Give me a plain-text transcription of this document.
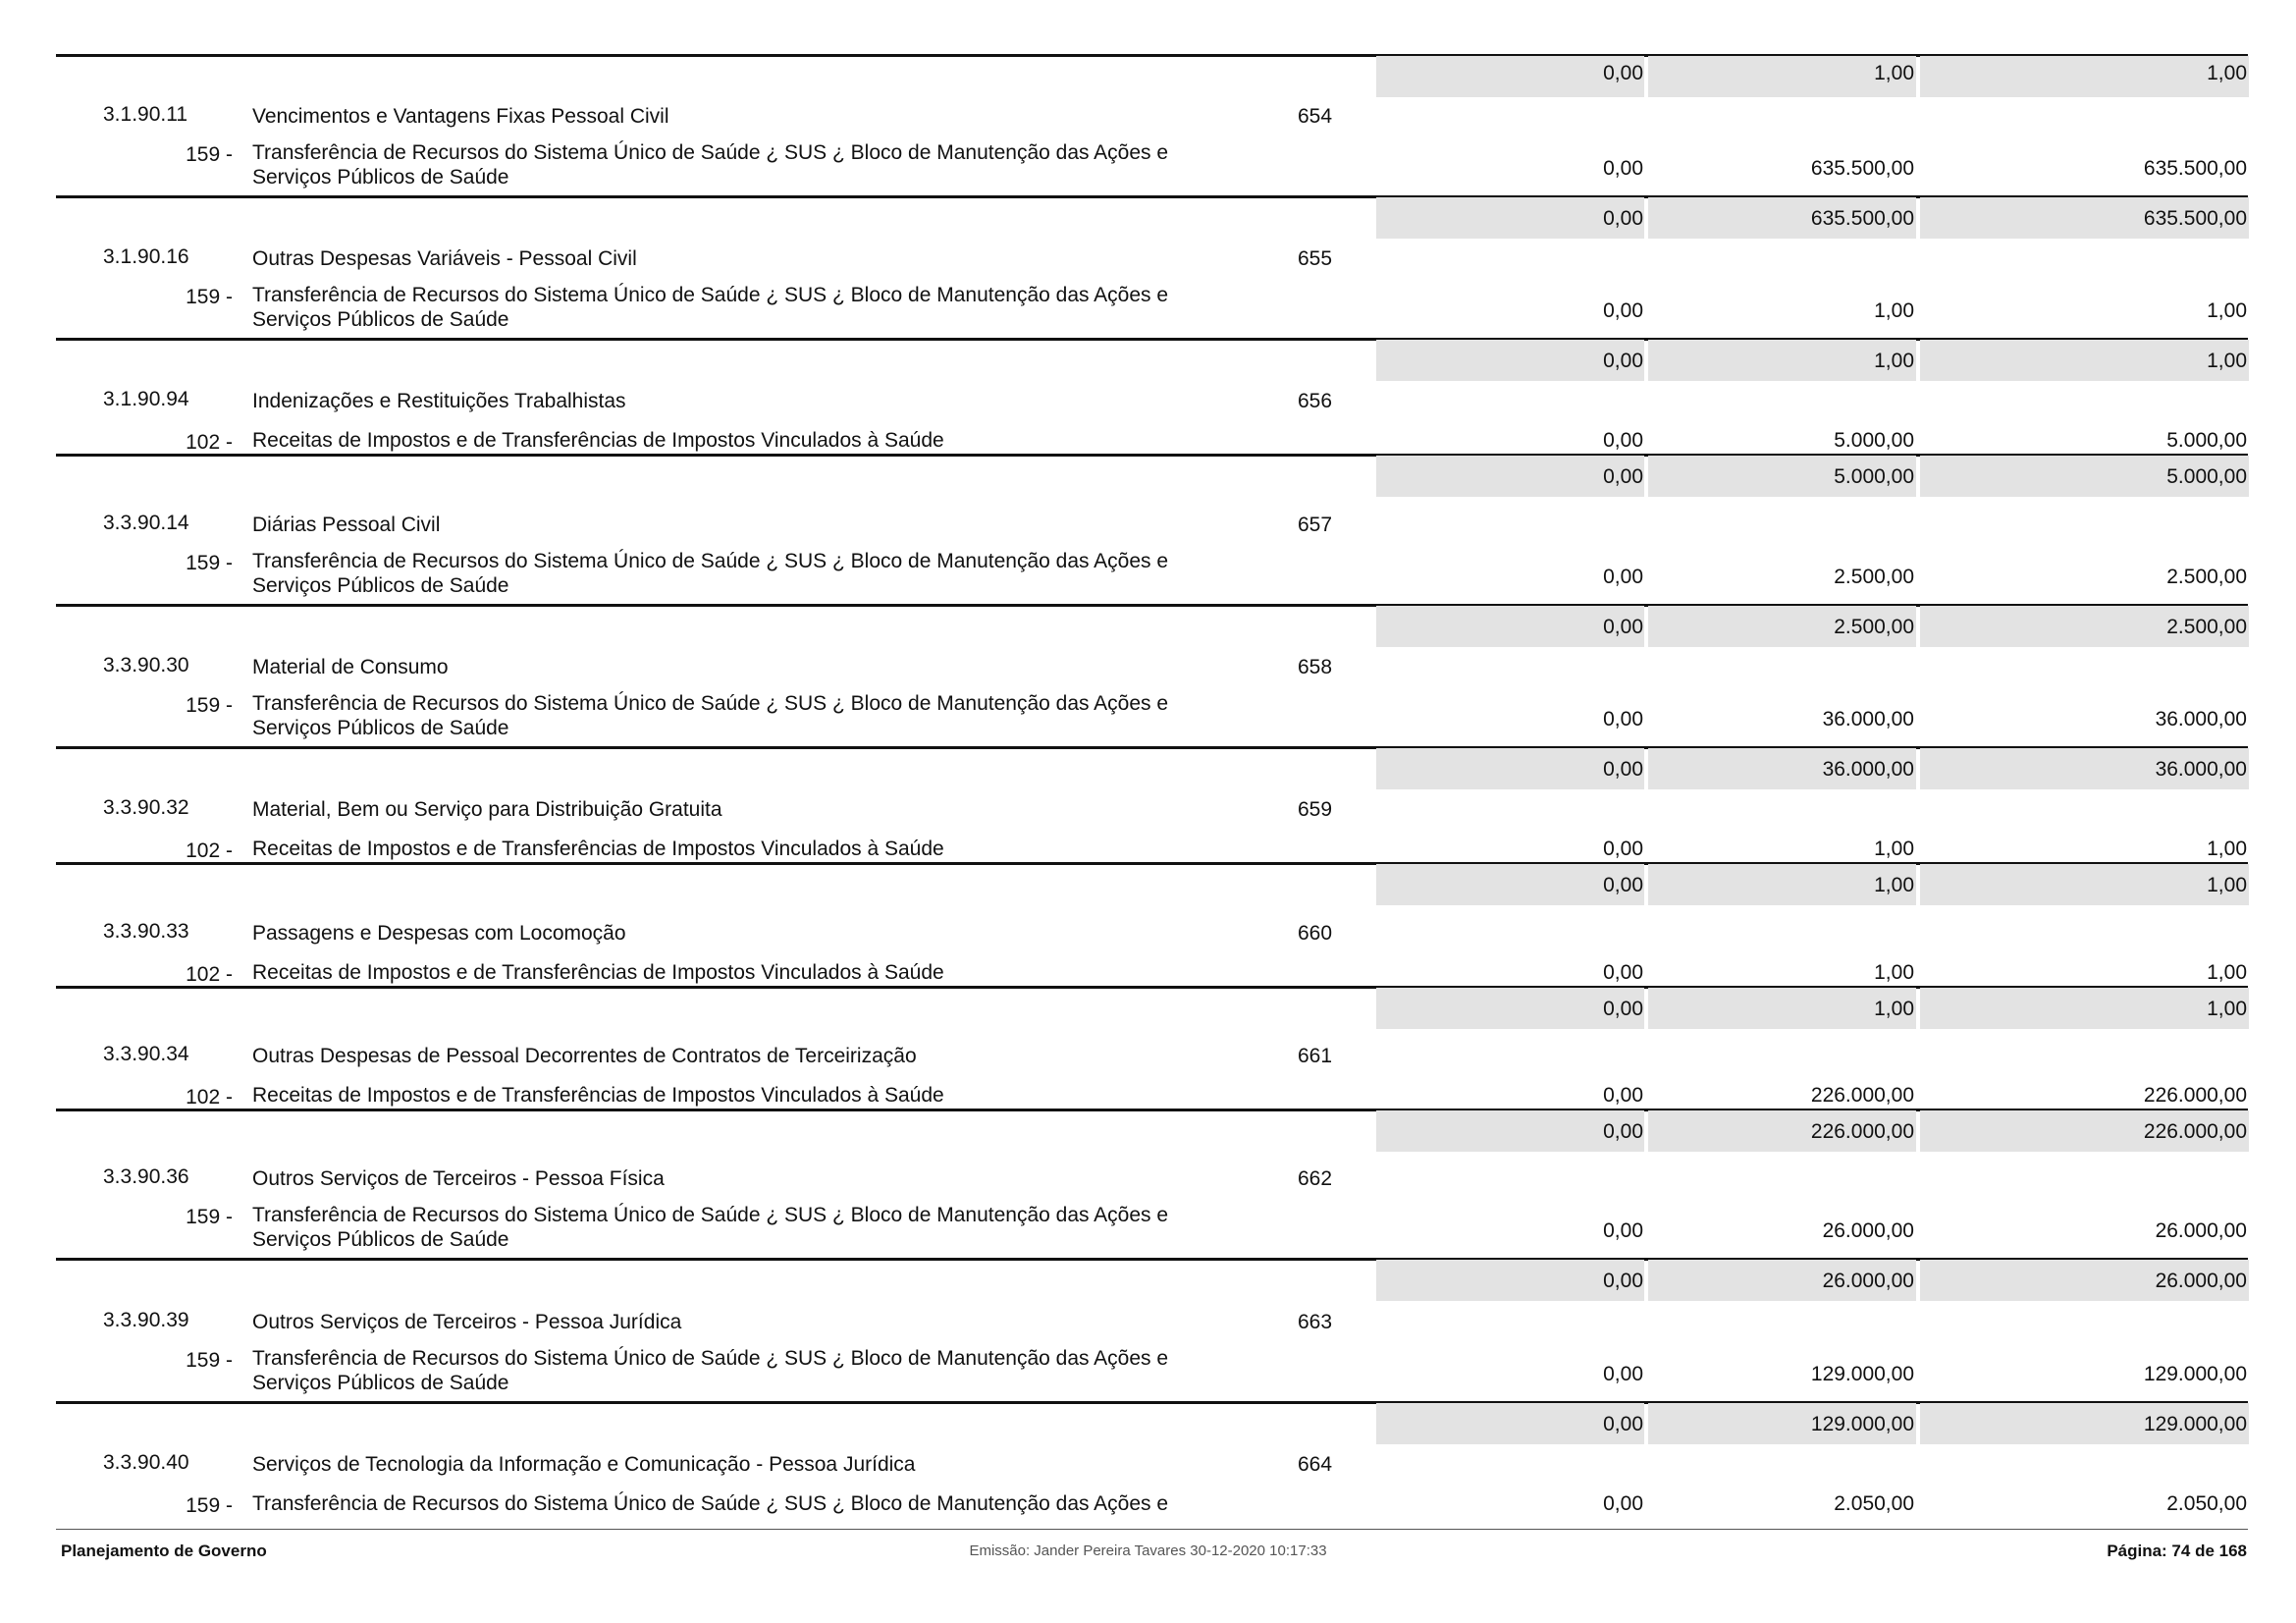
0,00	1,00	1,00
3.1.90.11	Vencimentos e Vantagens Fixas Pessoal Civil	654
159 - Transferência de Recursos do Sistema Único de Saúde ¿ SUS ¿ Bloco de Manutenção das Ações e
Serviços Públicos de Saúde	0,00	635.500,00	635.500,00
0,00	635.500,00	635.500,00
3.1.90.16	Outras Despesas Variáveis - Pessoal Civil	655
159 - Transferência de Recursos do Sistema Único de Saúde ¿ SUS ¿ Bloco de Manutenção das Ações e
Serviços Públicos de Saúde	0,00	1,00	1,00
0,00	1,00	1,00
3.1.90.94	Indenizações e Restituições Trabalhistas	656
102 - Receitas de Impostos e de Transferências de Impostos Vinculados à Saúde	0,00	5.000,00	5.000,00
0,00	5.000,00	5.000,00
3.3.90.14	Diárias Pessoal Civil	657
159 - Transferência de Recursos do Sistema Único de Saúde ¿ SUS ¿ Bloco de Manutenção das Ações e
Serviços Públicos de Saúde	0,00	2.500,00	2.500,00
0,00	2.500,00	2.500,00
3.3.90.30	Material de Consumo	658
159 - Transferência de Recursos do Sistema Único de Saúde ¿ SUS ¿ Bloco de Manutenção das Ações e
Serviços Públicos de Saúde	0,00	36.000,00	36.000,00
0,00	36.000,00	36.000,00
3.3.90.32	Material, Bem ou Serviço para Distribuição Gratuita	659
102 - Receitas de Impostos e de Transferências de Impostos Vinculados à Saúde	0,00	1,00	1,00
0,00	1,00	1,00
3.3.90.33	Passagens e Despesas com Locomoção	660
102 - Receitas de Impostos e de Transferências de Impostos Vinculados à Saúde	0,00	1,00	1,00
0,00	1,00	1,00
3.3.90.34	Outras Despesas de Pessoal Decorrentes de Contratos de Terceirização	661
102 - Receitas de Impostos e de Transferências de Impostos Vinculados à Saúde	0,00	226.000,00	226.000,00
0,00	226.000,00	226.000,00
3.3.90.36	Outros Serviços de Terceiros - Pessoa Física	662
159 - Transferência de Recursos do Sistema Único de Saúde ¿ SUS ¿ Bloco de Manutenção das Ações e
Serviços Públicos de Saúde	0,00	26.000,00	26.000,00
0,00	26.000,00	26.000,00
3.3.90.39	Outros Serviços de Terceiros - Pessoa Jurídica	663
159 - Transferência de Recursos do Sistema Único de Saúde ¿ SUS ¿ Bloco de Manutenção das Ações e
Serviços Públicos de Saúde	0,00	129.000,00	129.000,00
0,00	129.000,00	129.000,00
3.3.90.40	Serviços de Tecnologia da Informação e Comunicação - Pessoa Jurídica	664
159 - Transferência de Recursos do Sistema Único de Saúde ¿ SUS ¿ Bloco de Manutenção das Ações e	0,00	2.050,00	2.050,00
Planejamento de Governo	Emissão: Jander Pereira Tavares 30-12-2020 10:17:33	Página: 74 de 168
